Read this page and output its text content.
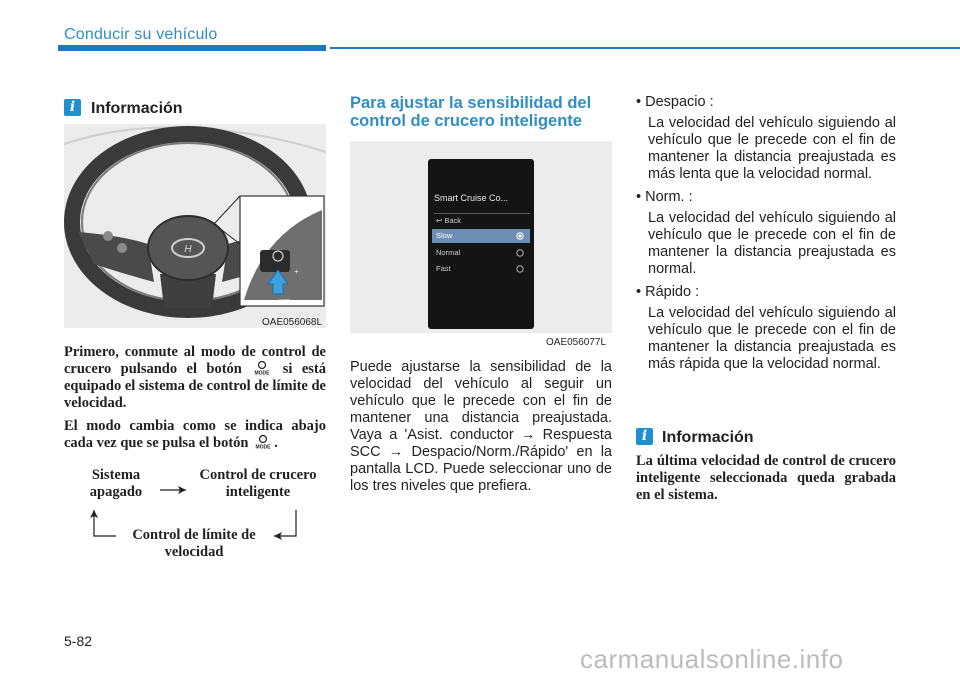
Conducir su vehículo
i Información
H
+
SET —
OAE056068L
Primero, conmute al modo de control de crucero pulsando el botón	MODE si está equipado el sistema de control de límite de velocidad.
El modo cambia como se indica abajo cada vez que se pulsa el botón MODE .
Sistema apagado
Control de crucero inteligente
Control de límite de velocidad
Para ajustar la sensibilidad del control de crucero inteligente
Smart Cruise Co...
↩ Back
Slow
Normal
Fast
OAE056077L
Puede ajustarse la sensibilidad de la velocidad del vehículo al seguir un vehículo que le precede con el fin de mantener una distancia preajustada. Vaya a 'Asist. conductor → Respuesta SCC → Despacio/Norm./Rápido' en la pantalla LCD. Puede seleccionar uno de los tres niveles que prefiera.
• Despacio :
La velocidad del vehículo siguiendo al vehículo que le precede con el fin de mantener la distancia preajustada es más lenta que la velocidad normal.
• Norm. :
La velocidad del vehículo siguiendo al vehículo que le precede con el fin de mantener la distancia preajustada es normal.
• Rápido :
La velocidad del vehículo siguiendo al vehículo que le precede con el fin de mantener la distancia preajustada es más rápida que la velocidad normal.
i Información
La última velocidad de control de crucero inteligente seleccionada queda grabada en el sistema.
5-82
carmanualsonline.info
